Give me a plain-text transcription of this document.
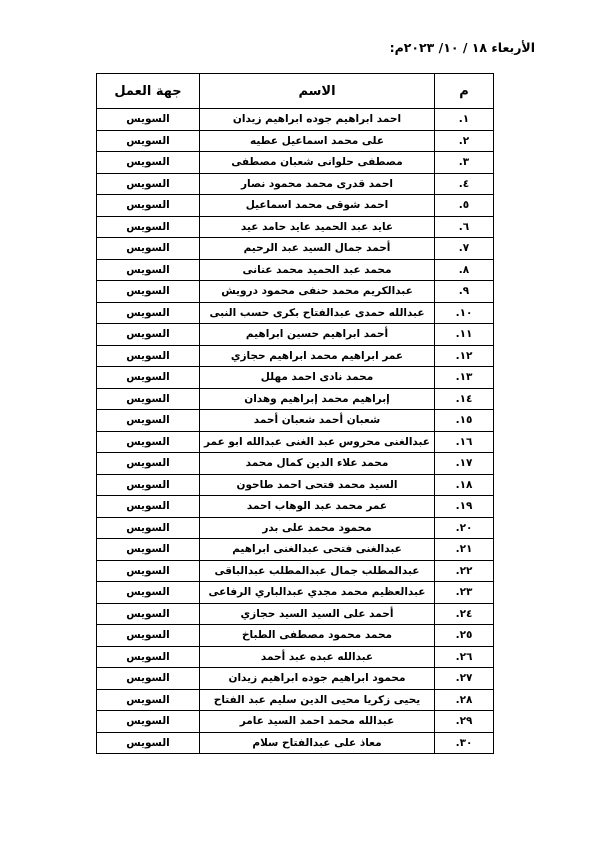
الأربعاء ١٨ / ١٠/ ٢٠٢٣م:
م	الاسم	جهة العمل
١.	احمد ابراهيم جوده ابراهيم زيدان	السويس
٢.	على محمد اسماعيل عطيه	السويس
٣.	مصطفى حلوانى شعبان مصطفى	السويس
٤.	احمد قدرى محمد محمود نصار	السويس
٥.	احمد شوقى محمد اسماعيل	السويس
٦.	عايد عبد الحميد عايد حامد عيد	السويس
٧.	أحمد جمال السيد عبد الرحيم	السويس
٨.	محمد عبد الحميد محمد عنانى	السويس
٩.	عبدالكريم محمد حنفى محمود درويش	السويس
١٠.	عبدالله حمدى عبدالفتاح بكرى حسب النبى	السويس
١١.	أحمد ابراهيم حسين ابراهيم	السويس
١٢.	عمر ابراهيم محمد ابراهيم حجازي	السويس
١٣.	محمد نادى احمد مهلل	السويس
١٤.	إبراهيم محمد إبراهيم وهدان	السويس
١٥.	شعبان أحمد شعبان أحمد	السويس
١٦.	عبدالغنى محروس عبد الغنى عبدالله ابو عمر	السويس
١٧.	محمد علاء الدين كمال محمد	السويس
١٨.	السيد محمد فتحى احمد طاحون	السويس
١٩.	عمر محمد عبد الوهاب احمد	السويس
٢٠.	محمود محمد على بدر	السويس
٢١.	عبدالغنى فتحى عبدالغنى ابراهيم	السويس
٢٢.	عبدالمطلب جمال عبدالمطلب عبدالباقى	السويس
٢٣.	عبدالعظيم محمد مجدي عبدالباري الرفاعى	السويس
٢٤.	أحمد على السيد السيد حجازي	السويس
٢٥.	محمد محمود مصطفى الطباخ	السويس
٢٦.	عبدالله عبده عبد أحمد	السويس
٢٧.	محمود ابراهيم جوده ابراهيم زيدان	السويس
٢٨.	يحيى زكريا محيى الدين سليم عبد الفتاح	السويس
٢٩.	عبدالله محمد احمد السيد عامر	السويس
٣٠.	معاذ على عبدالفتاح سلام	السويس
